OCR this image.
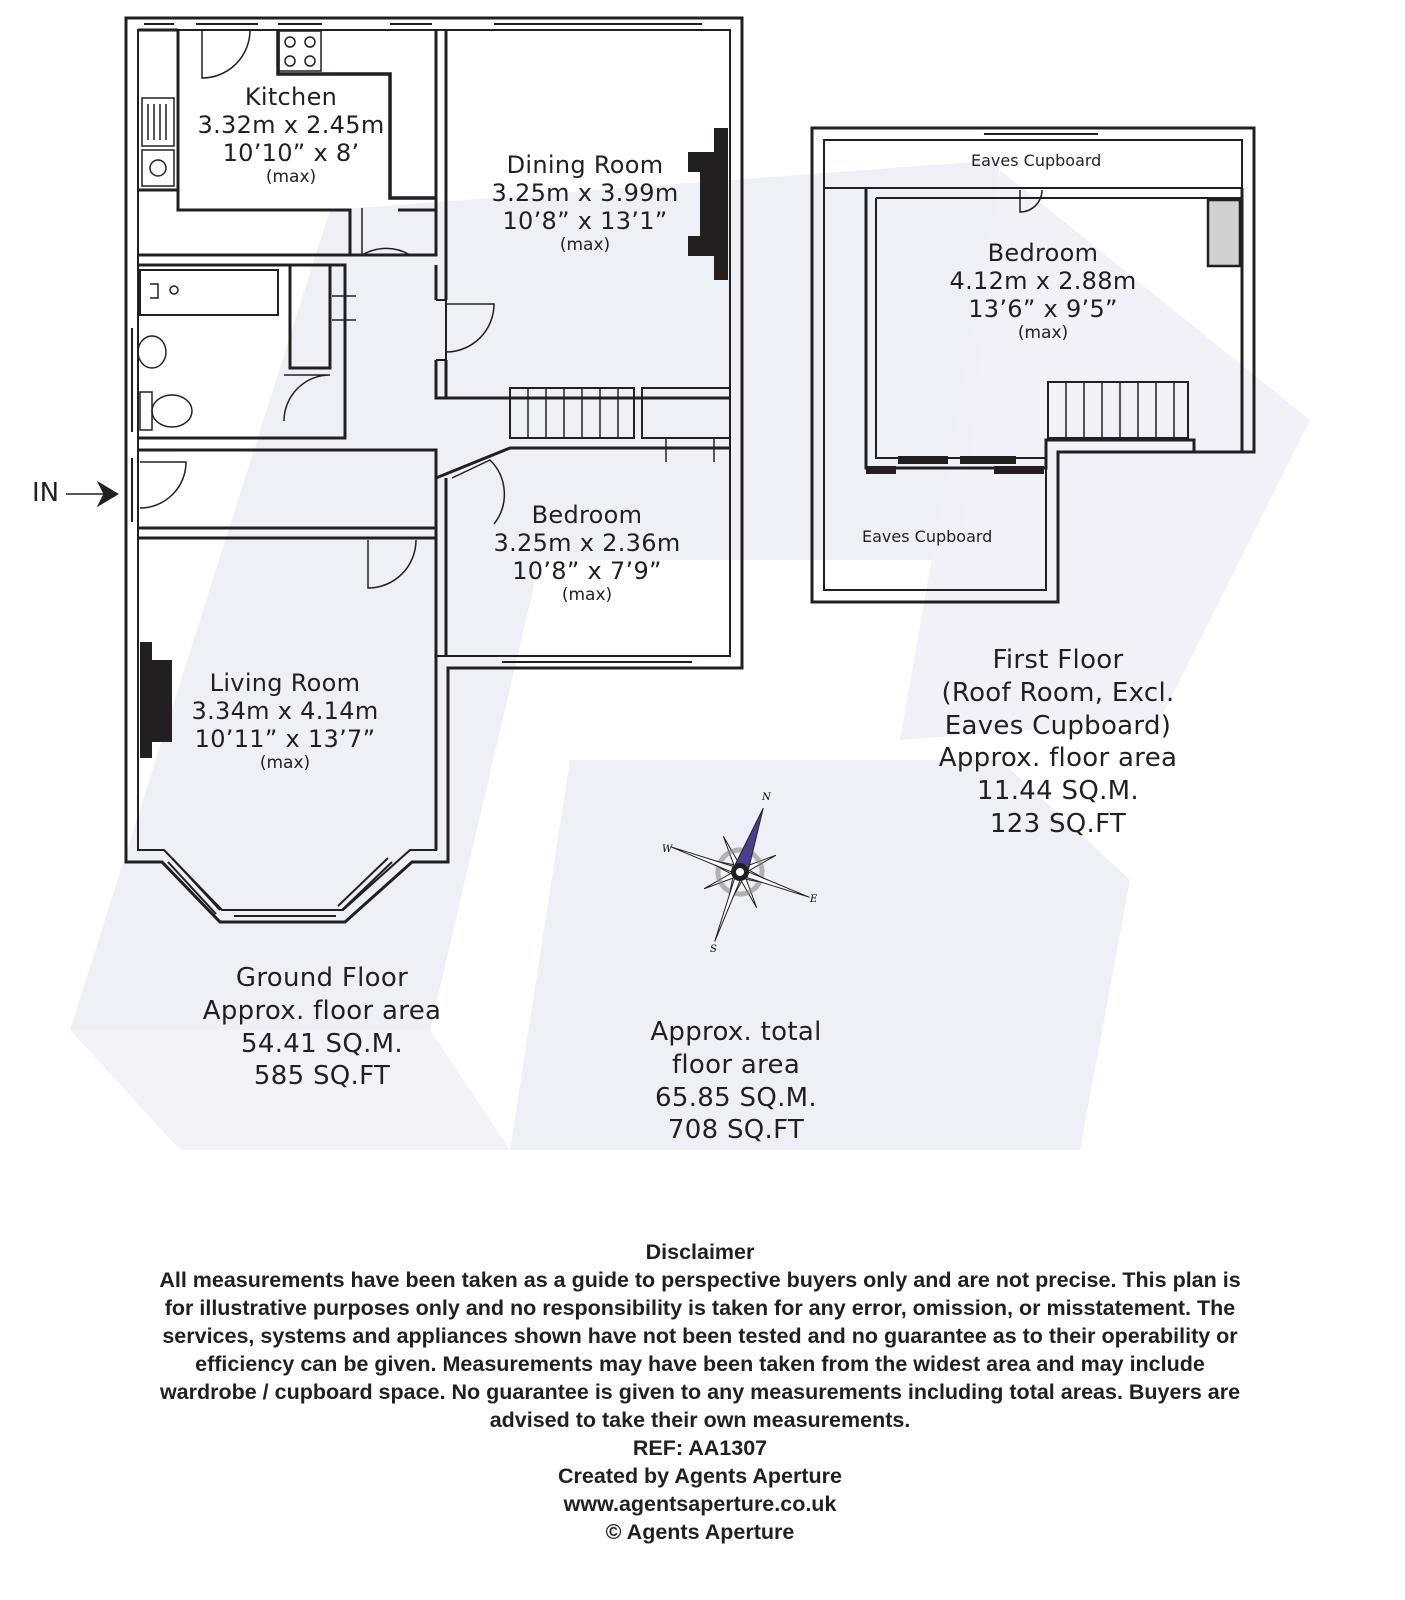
N
E
S
W
IN
Kitchen
3.32m x 2.45m
10’10” x 8’
(max)	Dining Room
3.25m x 3.99m
10’8” x 13’1”
(max)
Bedroom
3.25m x 2.36m
10’8” x 7’9”
(max)
Living Room
3.34m x 4.14m
10’11” x 13’7”
(max)
Eaves Cupboard
Eaves Cupboard
Bedroom
4.12m x 2.88m
13’6” x 9’5”
(max)
First Floor
(Roof Room, Excl.
Eaves Cupboard)
Approx. floor area
11.44 SQ.M.
123 SQ.FT
Ground Floor
Approx. floor area
54.41 SQ.M.
585 SQ.FT
Approx. total
floor area
65.85 SQ.M.
708 SQ.FT
Disclaimer
All measurements have been taken as a guide to perspective buyers only and are not precise. This plan is
for illustrative purposes only and no responsibility is taken for any error, omission, or misstatement. The
services, systems and appliances shown have not been tested and no guarantee as to their operability or
efficiency can be given. Measurements may have been taken from the widest area and may include
wardrobe / cupboard space. No guarantee is given to any measurements including total areas. Buyers are
advised to take their own measurements.
REF: AA1307
Created by Agents Aperture
www.agentsaperture.co.uk
© Agents Aperture
